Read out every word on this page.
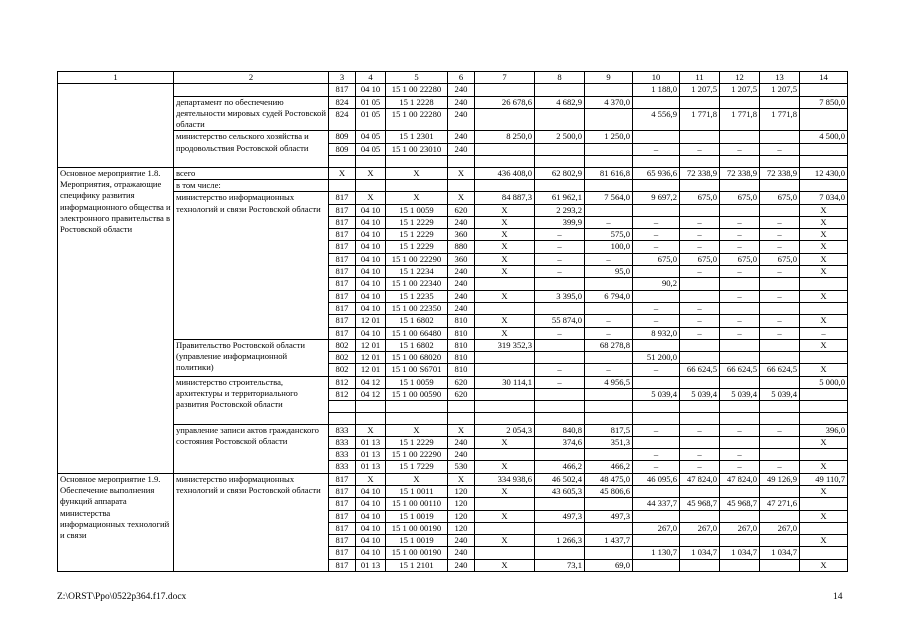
1	2	3	4	5	6	7	8	9	10	11	12	13	14
		817	04 10	15 1 00 22280	240				1 188,0	1 207,5	1 207,5	1 207,5	
	департамент по обеспечению деятельности мировых судей Ростовской области	824	01 05	15 1 2228	240	26 678,6	4 682,9	4 370,0					7 850,0
		824	01 05	15 1 00 22280	240				4 556,9	1 771,8	1 771,8	1 771,8	
	министерство сельского хозяйства и продовольствия Ростовской области	809	04 05	15 1 2301	240	8 250,0	2 500,0	1 250,0					4 500,0
		809	04 05	15 1 00 23010	240				–	–	–	–	

Основное мероприятие 1.8. Мероприятия, отражающие специфику развития информационного общества и электронного правительства в Ростовской области	всего	Х	Х	Х	Х	436 408,0	62 802,9	81 616,8	65 936,6	72 338,9	72 338,9	72 338,9	12 430,0
	в том числе:												
	министерство информационных технологий и связи Ростовской области	817	Х	Х	Х	84 887,3	61 962,1	7 564,0	9 697,2	675,0	675,0	675,0	7 034,0
		817	04 10	15 1 0059	620	Х	2 293,2						Х
		817	04 10	15 1 2229	240	Х	399,9	–	–	–	–	–	Х
		817	04 10	15 1 2229	360	Х	–	575,0	–	–	–	–	Х
		817	04 10	15 1 2229	880	Х	–	100,0	–	–	–	–	Х
		817	04 10	15 1 00 22290	360	Х	–	–	675,0	675,0	675,0	675,0	Х
		817	04 10	15 1 2234	240	Х	–	95,0		–	–	–	Х
		817	04 10	15 1 00 22340	240				90,2				
		817	04 10	15 1 2235	240	Х	3 395,0	6 794,0			–	–	Х
		817	04 10	15 1 00 22350	240				–	–			
		817	12 01	15 1 6802	810	Х	55 874,0	–	–	–	–	–	Х
		817	04 10	15 1 00 66480	810	Х	–	–	8 932,0	–	–	–	–
	Правительство Ростовской области (управление информационной политики)	802	12 01	15 1 6802	810	319 352,3		68 278,8					Х
		802	12 01	15 1 00 68020	810				51 200,0				
		802	12 01	15 1 00 S6701	810		–	–	–	66 624,5	66 624,5	66 624,5	Х
	министерство строительства, архитектуры и территориального развития Ростовской области	812	04 12	15 1 0059	620	30 114,1	–	4 956,5					5 000,0
		812	04 12	15 1 00 00590	620				5 039,4	5 039,4	5 039,4	5 039,4	

	управление записи актов гражданского состояния Ростовской области	833	Х	Х	Х	2 054,3	840,8	817,5	–	–	–	–	396,0
		833	01 13	15 1 2229	240	Х	374,6	351,3					Х
		833	01 13	15 1 00 22290	240				–	–	–		
		833	01 13	15 1 7229	530	Х	466,2	466,2	–	–	–	–	Х
Основное мероприятие 1.9. Обеспечение выполнения функций аппарата министерства информационных технологий и связи	министерство информационных технологий и связи Ростовской области	817	Х	Х	Х	334 938,6	46 502,4	48 475,0	46 095,6	47 824,0	47 824,0	49 126,9	49 110,7
		817	04 10	15 1 0011	120	Х	43 605,3	45 806,6					Х
		817	04 10	15 1 00 00110	120				44 337,7	45 968,7	45 968,7	47 271,6	
		817	04 10	15 1 0019	120	Х	497,3	497,3					Х
		817	04 10	15 1 00 00190	120				267,0	267,0	267,0	267,0	
		817	04 10	15 1 0019	240	Х	1 266,3	1 437,7					Х
		817	04 10	15 1 00 00190	240				1 130,7	1 034,7	1 034,7	1 034,7	
		817	01 13	15 1 2101	240	Х	73,1	69,0					Х
Z:\ORST\Ppo\0522p364.f17.docx	14
